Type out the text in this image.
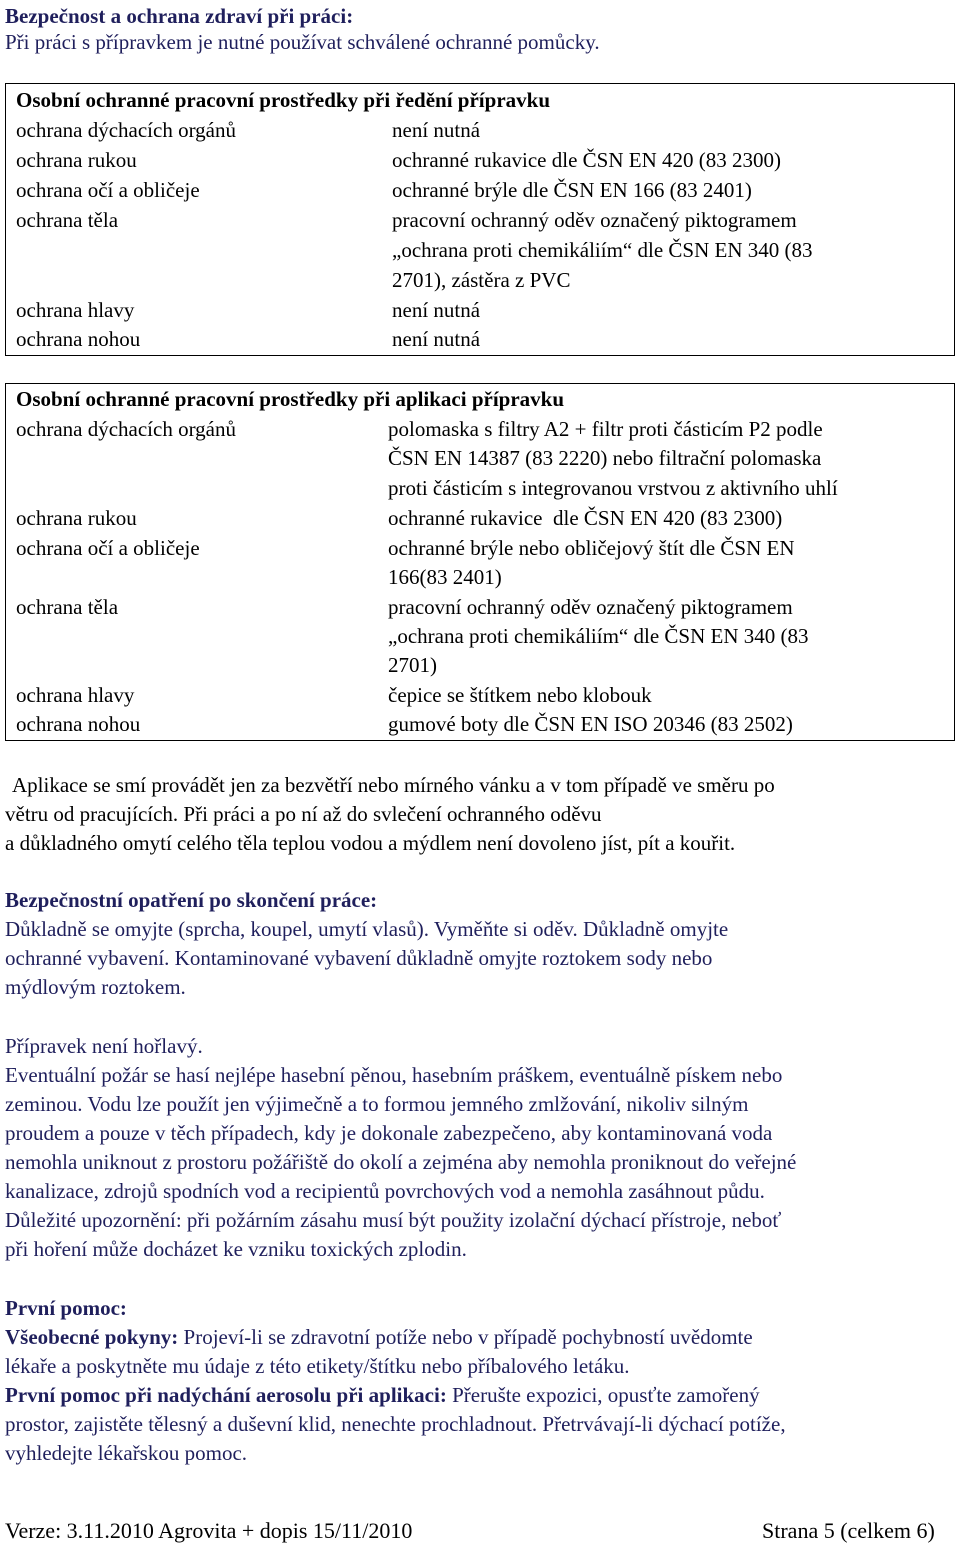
Bezpečnost a ochrana zdraví při práci:
Při práci s přípravkem je nutné používat schválené ochranné pomůcky.
Osobní ochranné pracovní prostředky při ředění přípravku
ochrana dýchacích orgánů	není nutná
ochrana rukou	ochranné rukavice dle ČSN EN 420 (83 2300)
ochrana očí a obličeje	ochranné brýle dle ČSN EN 166 (83 2401)
ochrana těla	pracovní ochranný oděv označený piktogramem
„ochrana proti chemikáliím“ dle ČSN EN 340 (83
2701), zástěra z PVC
ochrana hlavy	není nutná
ochrana nohou	není nutná
Osobní ochranné pracovní prostředky při aplikaci přípravku
ochrana dýchacích orgánů	polomaska s filtry A2 + filtr proti částicím P2 podle
ČSN EN 14387 (83 2220) nebo filtrační polomaska
proti částicím s integrovanou vrstvou z aktivního uhlí
ochrana rukou	ochranné rukavice  dle ČSN EN 420 (83 2300)
ochrana očí a obličeje	ochranné brýle nebo obličejový štít dle ČSN EN
166(83 2401)
ochrana těla	pracovní ochranný oděv označený piktogramem
„ochrana proti chemikáliím“ dle ČSN EN 340 (83
2701)
ochrana hlavy	čepice se štítkem nebo klobouk
ochrana nohou	gumové boty dle ČSN EN ISO 20346 (83 2502)
Aplikace se smí provádět jen za bezvětří nebo mírného vánku a v tom případě ve směru po
větru od pracujících. Při práci a po ní až do svlečení ochranného oděvu
a důkladného omytí celého těla teplou vodou a mýdlem není dovoleno jíst, pít a kouřit.
Bezpečnostní opatření po skončení práce:
Důkladně se omyjte (sprcha, koupel, umytí vlasů). Vyměňte si oděv. Důkladně omyjte
ochranné vybavení. Kontaminované vybavení důkladně omyjte roztokem sody nebo
mýdlovým roztokem.
Přípravek není hořlavý.
Eventuální požár se hasí nejlépe hasební pěnou, hasebním práškem, eventuálně pískem nebo
zeminou. Vodu lze použít jen výjimečně a to formou jemného zmlžování, nikoliv silným
proudem a pouze v těch případech, kdy je dokonale zabezpečeno, aby kontaminovaná voda
nemohla uniknout z prostoru požářiště do okolí a zejména aby nemohla proniknout do veřejné
kanalizace, zdrojů spodních vod a recipientů povrchových vod a nemohla zasáhnout půdu.
Důležité upozornění: při požárním zásahu musí být použity izolační dýchací přístroje, neboť
při hoření může docházet ke vzniku toxických zplodin.
První pomoc:
Všeobecné pokyny: Projeví-li se zdravotní potíže nebo v případě pochybností uvědomte
lékaře a poskytněte mu údaje z této etikety/štítku nebo příbalového letáku.
První pomoc při nadýchání aerosolu při aplikaci: Přerušte expozici, opusťte zamořený
prostor, zajistěte tělesný a duševní klid, nenechte prochladnout. Přetrvávají-li dýchací potíže,
vyhledejte lékařskou pomoc.
Verze: 3.11.2010 Agrovita + dopis 15/11/2010	Strana 5 (celkem 6)
